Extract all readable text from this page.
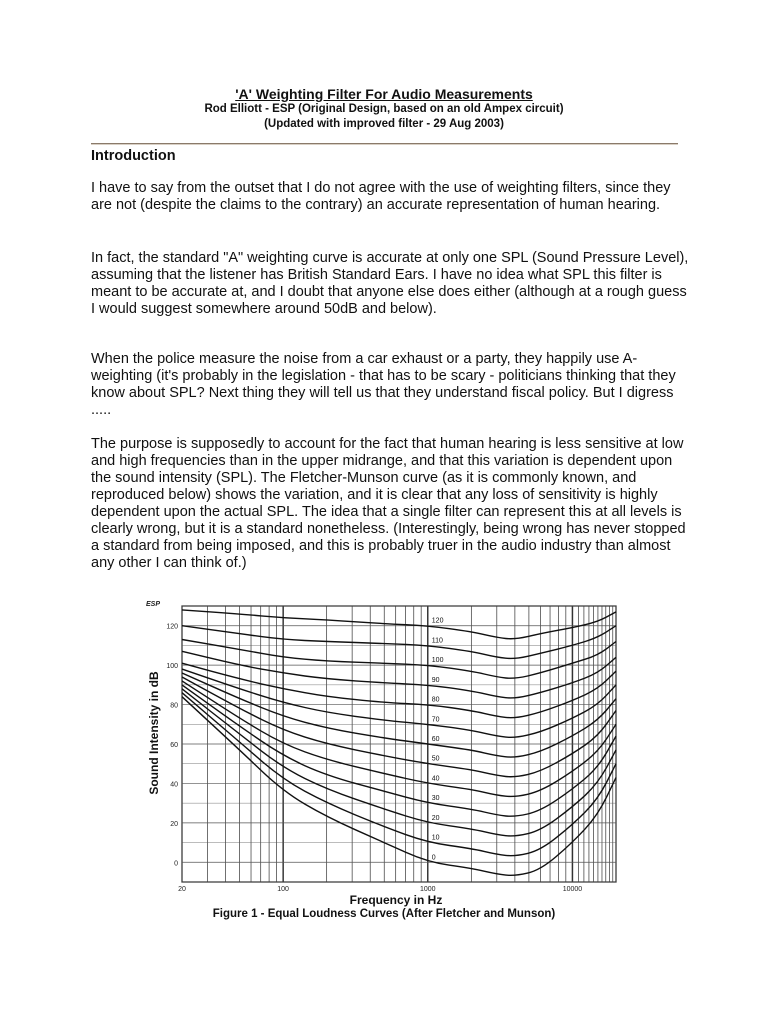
'A' Weighting Filter For Audio Measurements
Rod Elliott - ESP (Original Design, based on an old Ampex circuit)
(Updated with improved filter - 29 Aug 2003)
Introduction

I have to say from the outset that I do not agree with the use of weighting filters, since they are not (despite the claims to the contrary) an accurate representation of human hearing.

In fact, the standard "A" weighting curve is accurate at only one SPL (Sound Pressure Level), assuming that the listener has British Standard Ears. I have no idea what SPL this filter is meant to be accurate at, and I doubt that anyone else does either (although at a rough guess I would suggest somewhere around 50dB and below).

When the police measure the noise from a car exhaust or a party, they happily use A-weighting (it's probably in the legislation - that has to be scary - politicians thinking that they know about SPL? Next thing they will tell us that they understand fiscal policy. But I digress .....

The purpose is supposedly to account for the fact that human hearing is less sensitive at low and high frequencies than in the upper midrange, and that this variation is dependent upon the sound intensity (SPL). The Fletcher-Munson curve (as it is commonly known, and reproduced below) shows the variation, and it is clear that any loss of sensitivity is highly dependent upon the actual SPL. The idea that a single filter can represent this at all levels is clearly wrong, but it is a standard nonetheless. (Interestingly, being wrong has never stopped a standard from being imposed, and this is probably truer in the audio industry than almost any other I can think of.)

ESP
0
20
40
60
80
100
120
20	100	1000	10000
120
110
100
90
80
70
60
50
40
30
20
10
0
Sound Intensity in dB
Frequency in Hz
Figure 1 - Equal Loudness Curves (After Fletcher and Munson)
